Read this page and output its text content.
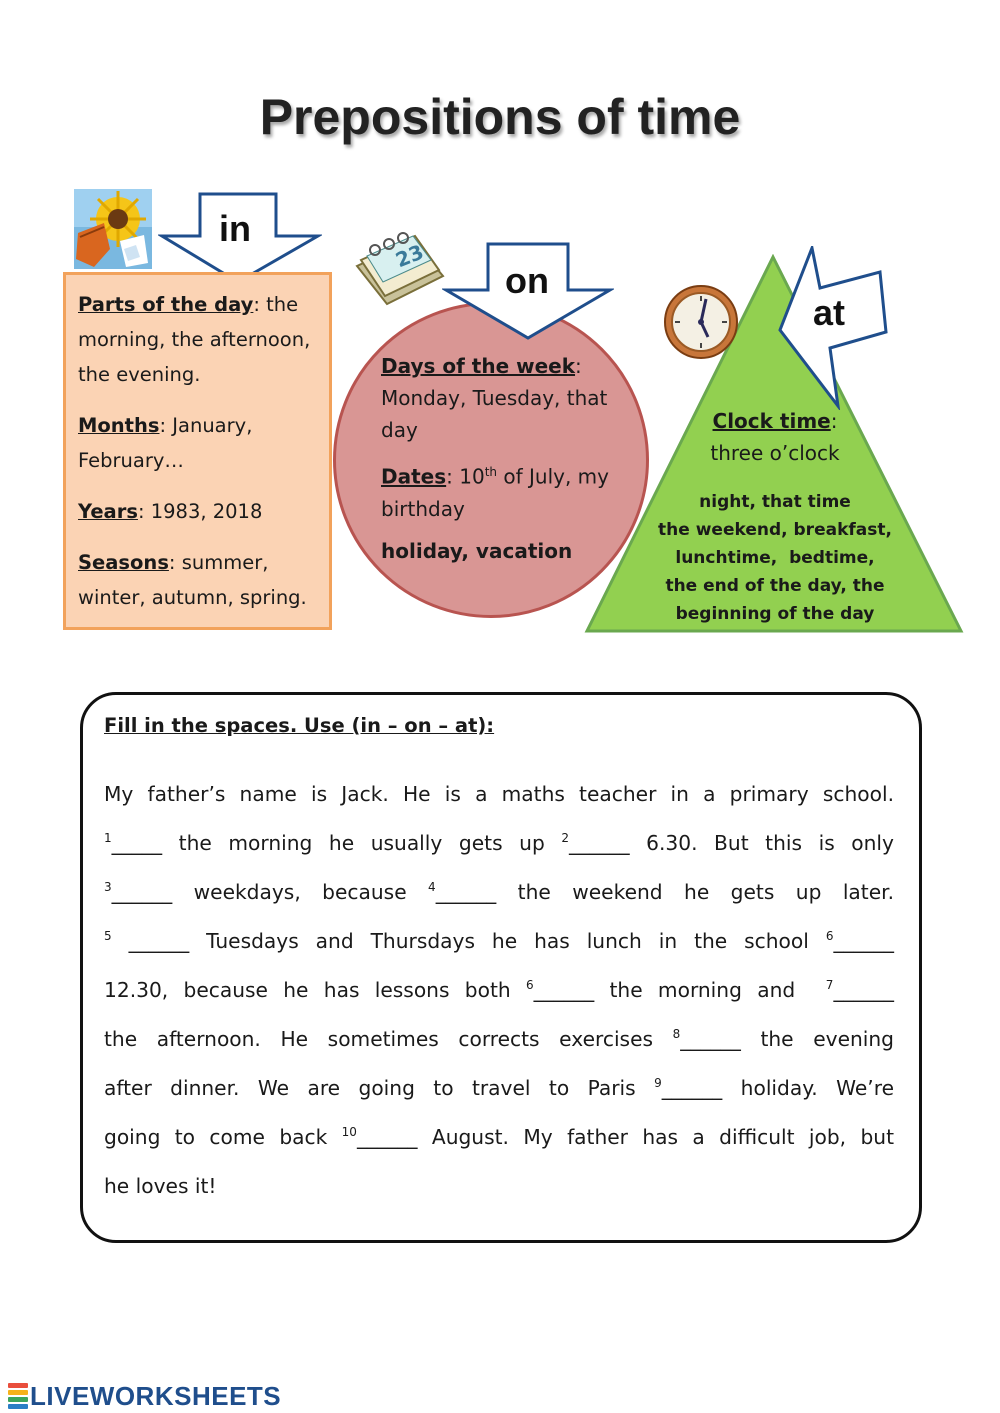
Prepositions of time
in

Parts of the day: the morning, the afternoon, the evening.

Months: January, February…

Years: 1983, 2018

Seasons: summer, winter, autumn, spring.

23
on

Days of the week: Monday, Tuesday, that day

Dates: 10th of July, my birthday

holiday, vacation

at
Clock time:
three o’clock
night, that time
the weekend, breakfast,
lunchtime,  bedtime,
the end of the day, the
beginning of the day
Fill in the spaces. Use (in – on – at):
My father’s name is Jack. He is a maths teacher in a primary school.
$^1$_____ the morning he usually gets up $^2$______ 6.30. But this is only
$^3$______ weekdays, because $^4$______ the weekend he gets up later.
$^5$ ______ Tuesdays and Thursdays he has lunch in the school $^6$______
12.30, because he has lessons both $^6$______ the morning and  $^7$______
the afternoon. He sometimes corrects exercises $^8$______ the evening
after dinner. We are going to travel to Paris $^9$______ holiday. We’re
going to come back $^{10}$______ August. My father has a difficult job, but
he loves it!
LIVEWORKSHEETS
